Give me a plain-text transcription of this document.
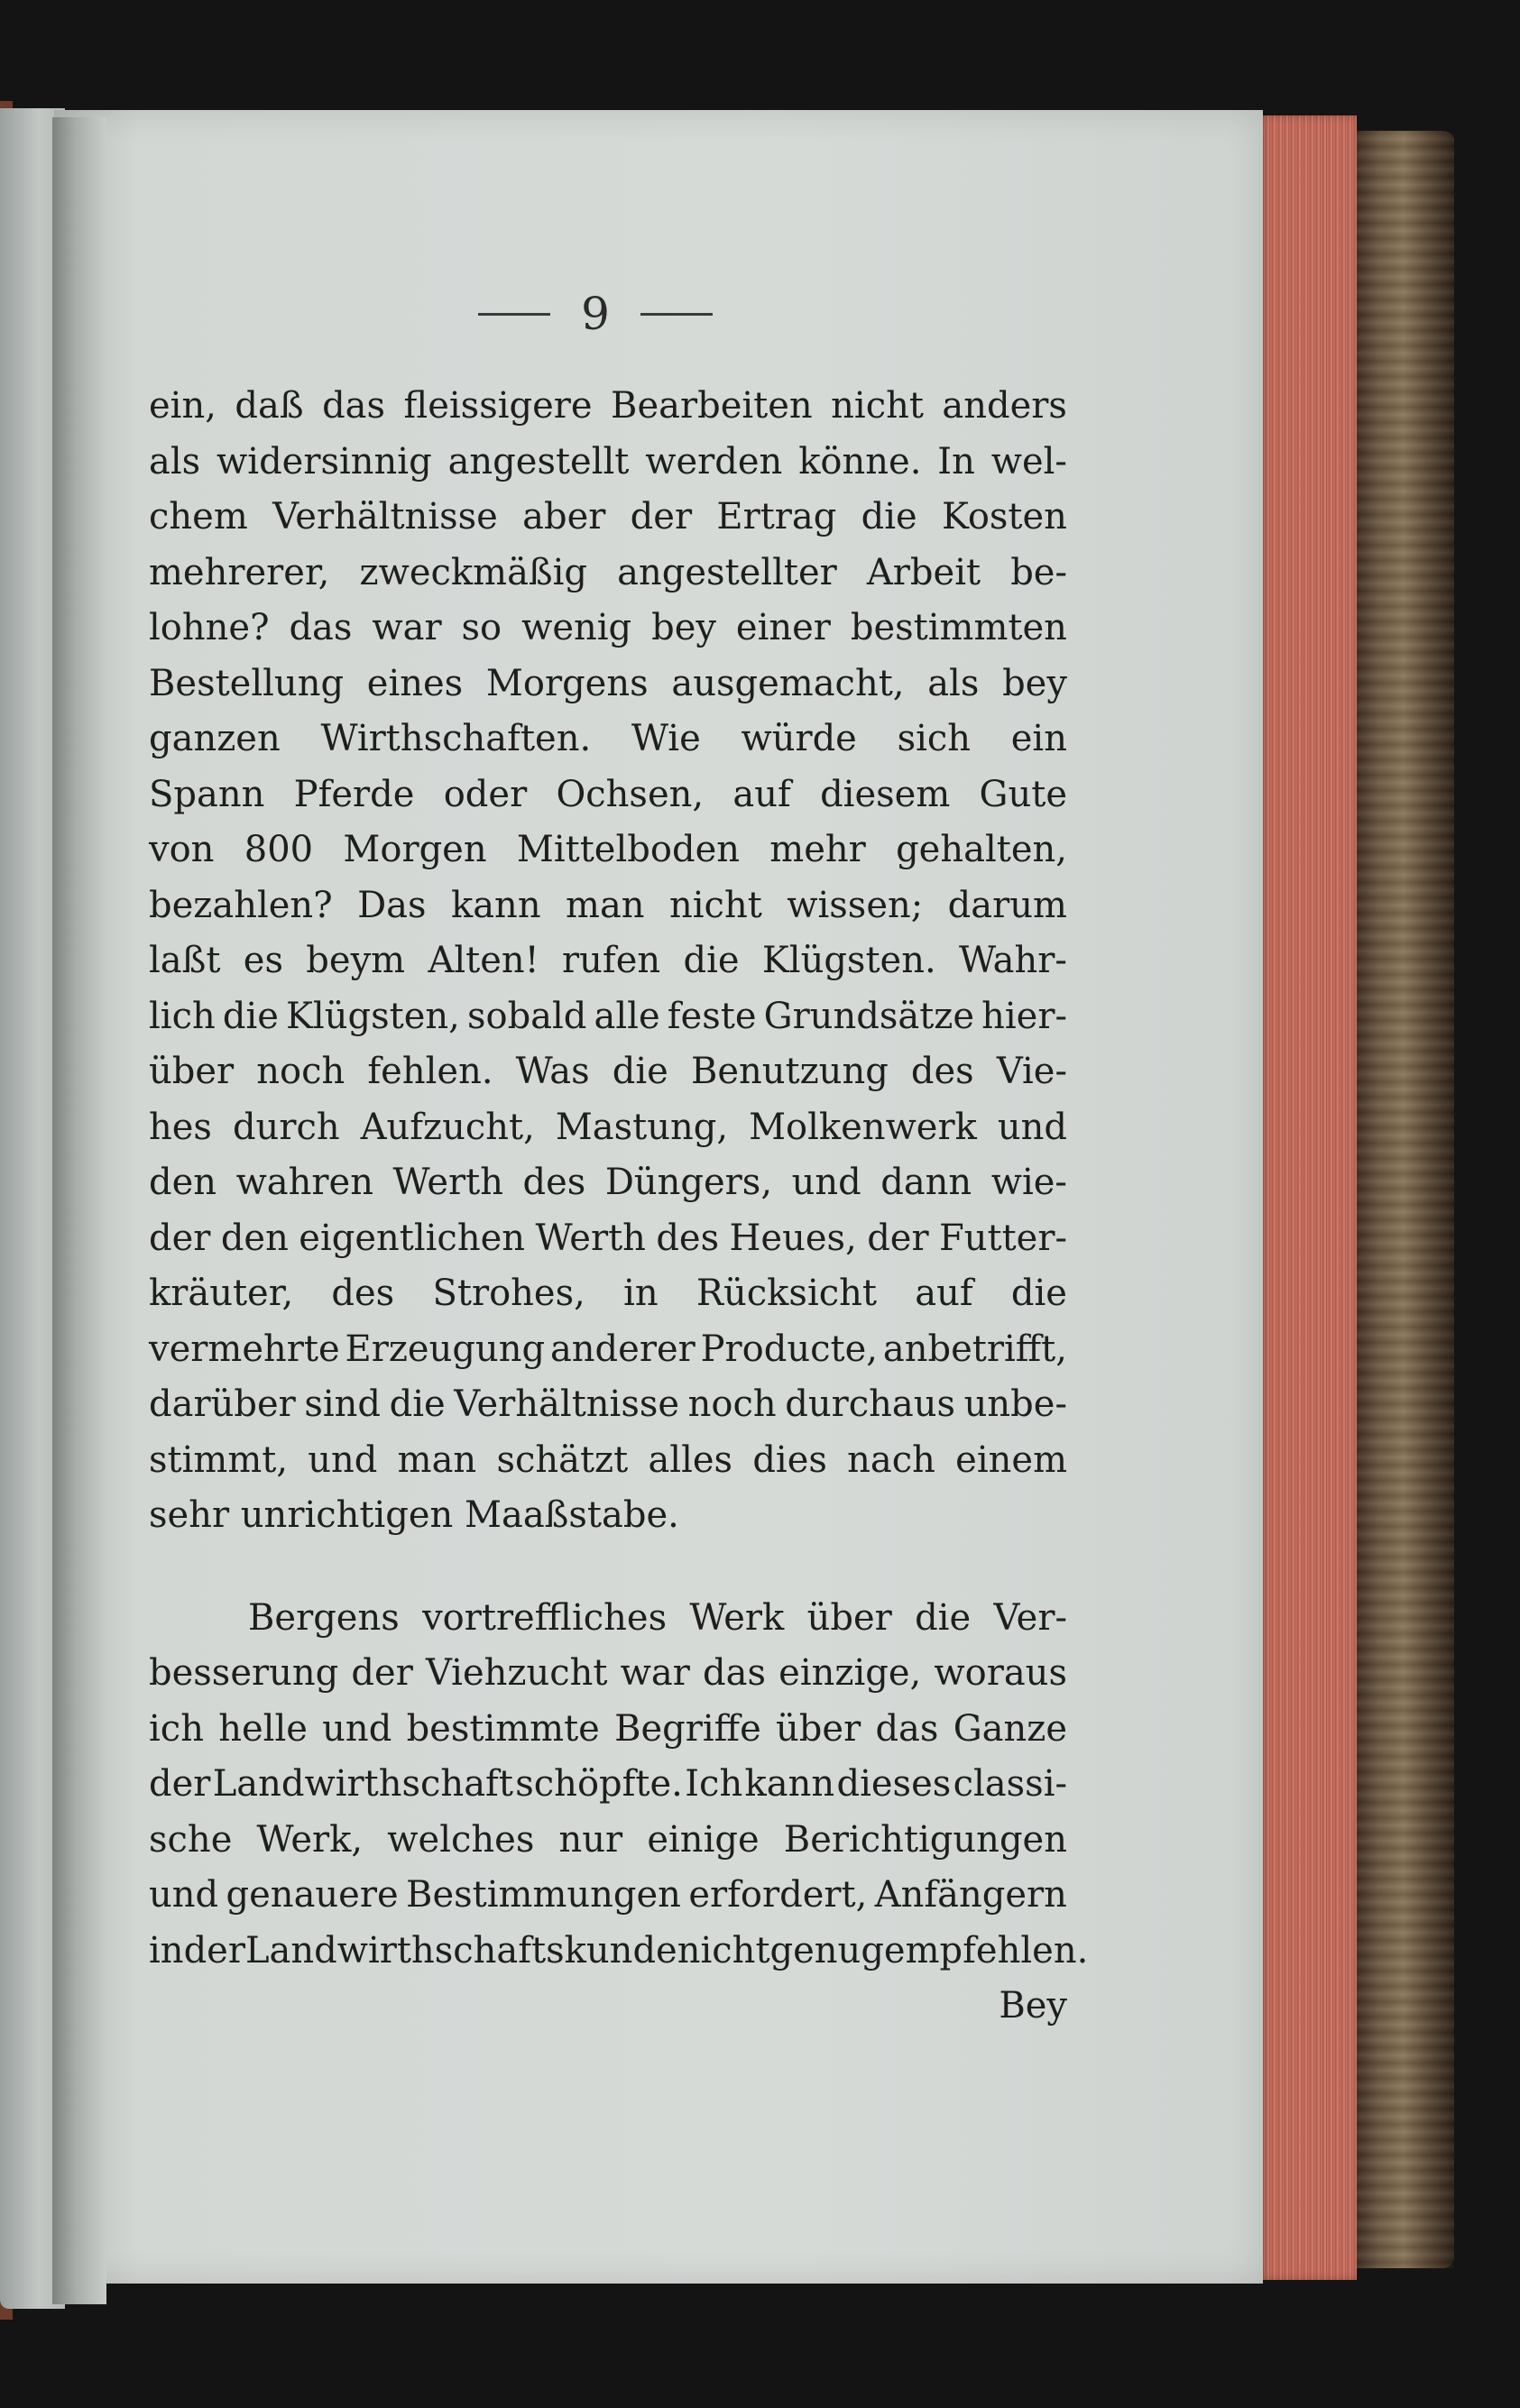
9
ein, daß das fleissigere Bearbeiten nicht anders
als widersinnig angestellt werden könne. In wel-
chem Verhältnisse aber der Ertrag die Kosten
mehrerer, zweckmäßig angestellter Arbeit be-
lohne? das war so wenig bey einer bestimmten
Bestellung eines Morgens ausgemacht, als bey
ganzen Wirthschaften. Wie würde sich ein
Spann Pferde oder Ochsen, auf diesem Gute
von 800 Morgen Mittelboden mehr gehalten,
bezahlen? Das kann man nicht wissen; darum
laßt es beym Alten! rufen die Klügsten. Wahr-
lich die Klügsten, sobald alle feste Grundsätze hier-
über noch fehlen. Was die Benutzung des Vie-
hes durch Aufzucht, Mastung, Molkenwerk und
den wahren Werth des Düngers, und dann wie-
der den eigentlichen Werth des Heues, der Futter-
kräuter, des Strohes, in Rücksicht auf die
vermehrte Erzeugung anderer Producte, anbetrifft,
darüber sind die Verhältnisse noch durchaus unbe-
stimmt, und man schätzt alles dies nach einem
sehr unrichtigen Maaßstabe.
Bergens vortreffliches Werk über die Ver-
besserung der Viehzucht war das einzige, woraus
ich helle und bestimmte Begriffe über das Ganze
der Landwirthschaft schöpfte. Ich kann dieses classi-
sche Werk, welches nur einige Berichtigungen
und genauere Bestimmungen erfordert, Anfängern
in der Landwirthschaftskunde nicht genug empfehlen.
Bey
